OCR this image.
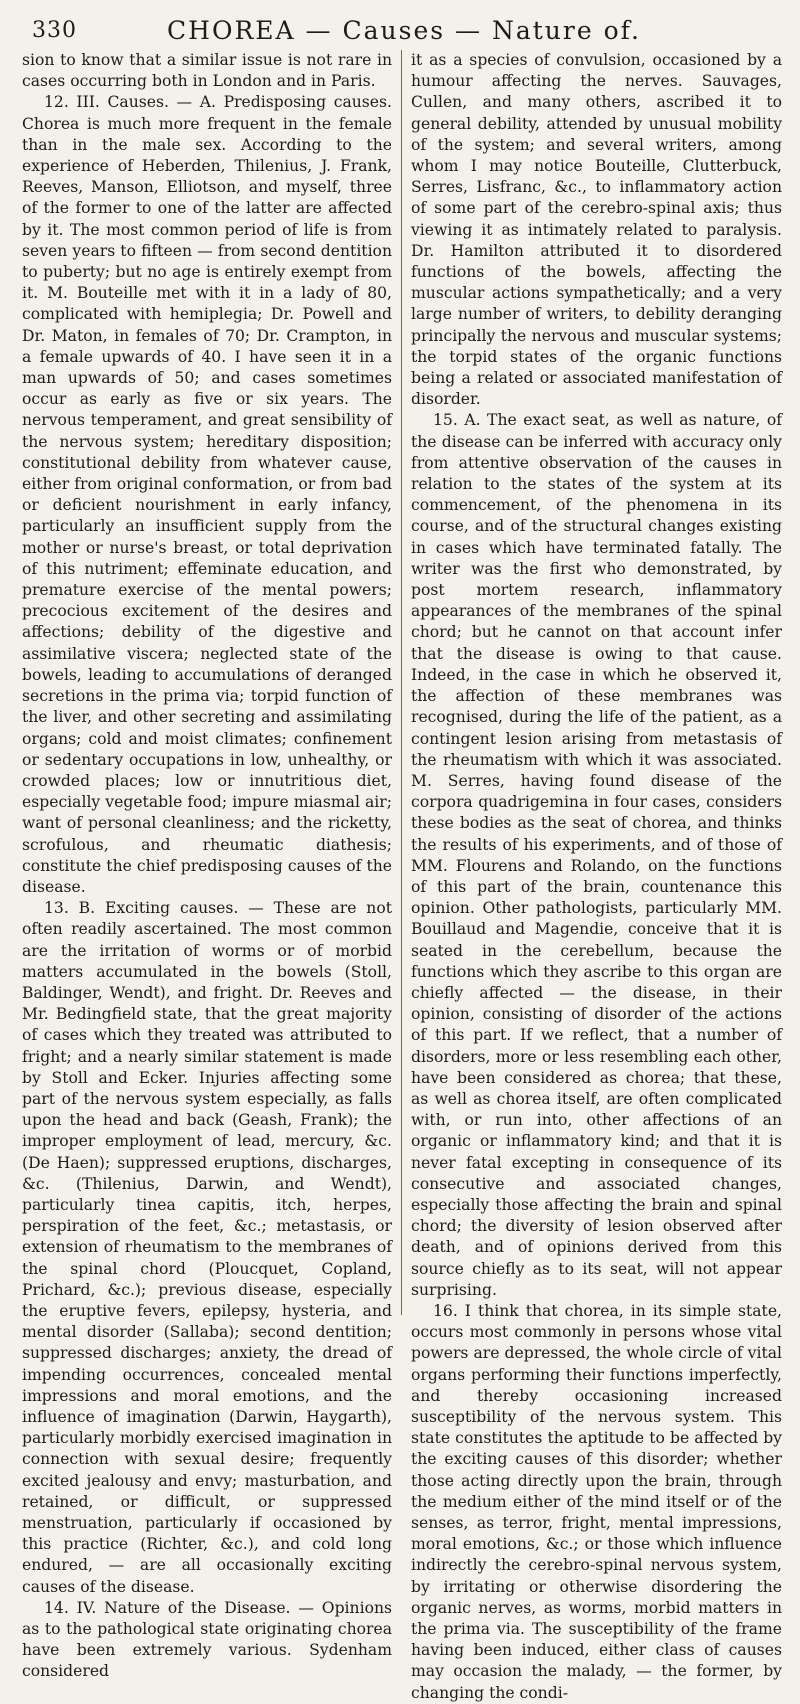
330	CHOREA — Causes — Nature of.

sion to know that a similar issue is not rare in cases occurring both in London and in Paris.

12. III. Causes. — A. Predisposing causes. Chorea is much more frequent in the female than in the male sex. According to the experience of Heberden, Thilenius, J. Frank, Reeves, Manson, Elliotson, and myself, three of the former to one of the latter are affected by it. The most common period of life is from seven years to fifteen — from second dentition to puberty; but no age is entirely exempt from it. M. Bouteille met with it in a lady of 80, complicated with hemiplegia; Dr. Powell and Dr. Maton, in females of 70; Dr. Crampton, in a female upwards of 40. I have seen it in a man upwards of 50; and cases sometimes occur as early as five or six years. The nervous temperament, and great sensibility of the nervous system; hereditary disposition; constitutional debility from whatever cause, either from original conformation, or from bad or deficient nourishment in early infancy, particularly an insufficient supply from the mother or nurse's breast, or total deprivation of this nutriment; effeminate education, and premature exercise of the mental powers; precocious excitement of the desires and affections; debility of the digestive and assimilative viscera; neglected state of the bowels, leading to accumulations of deranged secretions in the prima via; torpid function of the liver, and other secreting and assimilating organs; cold and moist climates; confinement or sedentary occupations in low, unhealthy, or crowded places; low or innutritious diet, especially vegetable food; impure miasmal air; want of personal cleanliness; and the ricketty, scrofulous, and rheumatic diathesis; constitute the chief predisposing causes of the disease.

13. B. Exciting causes. — These are not often readily ascertained. The most common are the irritation of worms or of morbid matters accumulated in the bowels (Stoll, Baldinger, Wendt), and fright. Dr. Reeves and Mr. Bedingfield state, that the great majority of cases which they treated was attributed to fright; and a nearly similar statement is made by Stoll and Ecker. Injuries affecting some part of the nervous system especially, as falls upon the head and back (Geash, Frank); the improper employment of lead, mercury, &c. (De Haen); suppressed eruptions, discharges, &c. (Thilenius, Darwin, and Wendt), particularly tinea capitis, itch, herpes, perspiration of the feet, &c.; metastasis, or extension of rheumatism to the membranes of the spinal chord (Ploucquet, Copland, Prichard, &c.); previous disease, especially the eruptive fevers, epilepsy, hysteria, and mental disorder (Sallaba); second dentition; suppressed discharges; anxiety, the dread of impending occurrences, concealed mental impressions and moral emotions, and the influence of imagination (Darwin, Haygarth), particularly morbidly exercised imagination in connection with sexual desire; frequently excited jealousy and envy; masturbation, and retained, or difficult, or suppressed menstruation, particularly if occasioned by this practice (Richter, &c.), and cold long endured, — are all occasionally exciting causes of the disease.

14. IV. Nature of the Disease. — Opinions as to the pathological state originating chorea have been extremely various. Sydenham considered

it as a species of convulsion, occasioned by a humour affecting the nerves. Sauvages, Cullen, and many others, ascribed it to general debility, attended by unusual mobility of the system; and several writers, among whom I may notice Bouteille, Clutterbuck, Serres, Lisfranc, &c., to inflammatory action of some part of the cerebro-spinal axis; thus viewing it as intimately related to paralysis. Dr. Hamilton attributed it to disordered functions of the bowels, affecting the muscular actions sympathetically; and a very large number of writers, to debility deranging principally the nervous and muscular systems; the torpid states of the organic functions being a related or associated manifestation of disorder.

15. A. The exact seat, as well as nature, of the disease can be inferred with accuracy only from attentive observation of the causes in relation to the states of the system at its commencement, of the phenomena in its course, and of the structural changes existing in cases which have terminated fatally. The writer was the first who demonstrated, by post mortem research, inflammatory appearances of the membranes of the spinal chord; but he cannot on that account infer that the disease is owing to that cause. Indeed, in the case in which he observed it, the affection of these membranes was recognised, during the life of the patient, as a contingent lesion arising from metastasis of the rheumatism with which it was associated. M. Serres, having found disease of the corpora quadrigemina in four cases, considers these bodies as the seat of chorea, and thinks the results of his experiments, and of those of MM. Flourens and Rolando, on the functions of this part of the brain, countenance this opinion. Other pathologists, particularly MM. Bouillaud and Magendie, conceive that it is seated in the cerebellum, because the functions which they ascribe to this organ are chiefly affected — the disease, in their opinion, consisting of disorder of the actions of this part. If we reflect, that a number of disorders, more or less resembling each other, have been considered as chorea; that these, as well as chorea itself, are often complicated with, or run into, other affections of an organic or inflammatory kind; and that it is never fatal excepting in consequence of its consecutive and associated changes, especially those affecting the brain and spinal chord; the diversity of lesion observed after death, and of opinions derived from this source chiefly as to its seat, will not appear surprising.

16. I think that chorea, in its simple state, occurs most commonly in persons whose vital powers are depressed, the whole circle of vital organs performing their functions imperfectly, and thereby occasioning increased susceptibility of the nervous system. This state constitutes the aptitude to be affected by the exciting causes of this disorder; whether those acting directly upon the brain, through the medium either of the mind itself or of the senses, as terror, fright, mental impressions, moral emotions, &c.; or those which influence indirectly the cerebro-spinal nervous system, by irritating or otherwise disordering the organic nerves, as worms, morbid matters in the prima via. The susceptibility of the frame having been induced, either class of causes may occasion the malady, — the former, by changing the condi-
